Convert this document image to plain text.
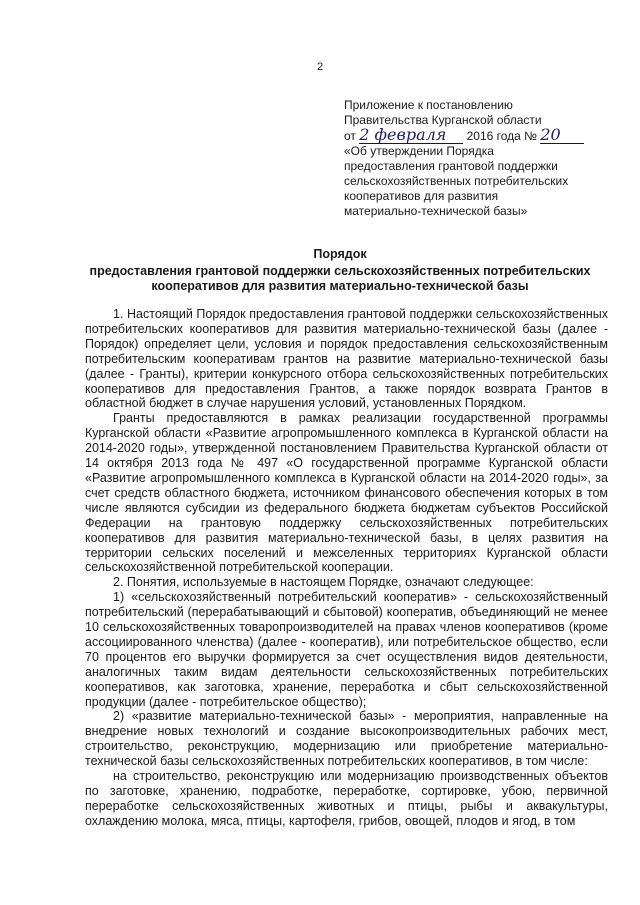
2
Приложение к постановлению
Правительства Курганской области
от 2 февраля 2016 года № 20
«Об утверждении Порядка
предоставления грантовой поддержки
сельскохозяйственных потребительских
кооперативов для развития
материально-технической базы»
Порядок
предоставления грантовой поддержки сельскохозяйственных потребительских
кооперативов для развития материально-технической базы

1. Настоящий Порядок предоставления грантовой поддержки сельскохозяйственных потребительских кооперативов для развития материально-технической базы (далее - Порядок) определяет цели, условия и порядок предоставления сельскохозяйственным потребительским кооперативам грантов на развитие материально-технической базы (далее - Гранты), критерии конкурсного отбора сельскохозяйственных потребительских кооперативов для предоставления Грантов, а также порядок возврата Грантов в областной бюджет в случае нарушения условий, установленных Порядком.

Гранты предоставляются в рамках реализации государственной программы Курганской области «Развитие агропромышленного комплекса в Курганской области на 2014-2020 годы», утвержденной постановлением Правительства Курганской области от 14 октября 2013 года № 497 «О государственной программе Курганской области «Развитие агропромышленного комплекса в Курганской области на 2014-2020 годы», за счет средств областного бюджета, источником финансового обеспечения которых в том числе являются субсидии из федерального бюджета бюджетам субъектов Российской Федерации на грантовую поддержку сельскохозяйственных потребительских кооперативов для развития материально-технической базы, в целях развития на территории сельских поселений и межселенных территориях Курганской области сельскохозяйственной потребительской кооперации.

2. Понятия, используемые в настоящем Порядке, означают следующее:

1) «сельскохозяйственный потребительский кооператив» - сельскохозяйственный потребительский (перерабатывающий и сбытовой) кооператив, объединяющий не менее 10 сельскохозяйственных товаропроизводителей на правах членов кооперативов (кроме ассоциированного членства) (далее - кооператив), или потребительское общество, если 70 процентов его выручки формируется за счет осуществления видов деятельности, аналогичных таким видам деятельности сельскохозяйственных потребительских кооперативов, как заготовка, хранение, переработка и сбыт сельскохозяйственной продукции (далее - потребительское общество);

2) «развитие материально-технической базы» - мероприятия, направленные на внедрение новых технологий и создание высокопроизводительных рабочих мест, строительство, реконструкцию, модернизацию или приобретение материально-технической базы сельскохозяйственных потребительских кооперативов, в том числе:

на строительство, реконструкцию или модернизацию производственных объектов по заготовке, хранению, подработке, переработке, сортировке, убою, первичной переработке сельскохозяйственных животных и птицы, рыбы и аквакультуры, охлаждению молока, мяса, птицы, картофеля, грибов, овощей, плодов и ягод, в том
